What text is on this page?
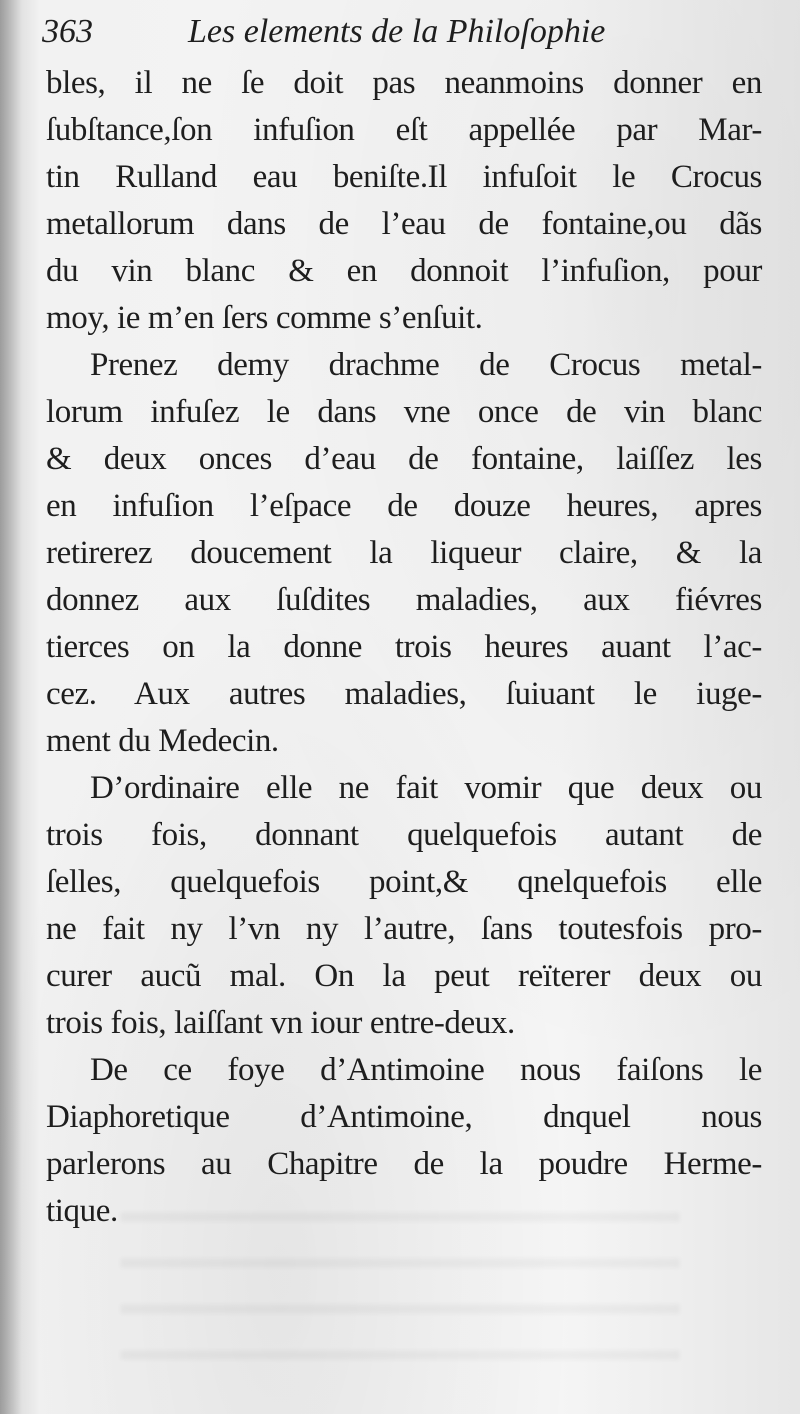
363	Les elements de la Philoſophie
bles, il ne ſe doit pas neanmoins donner en
ſubſtance,ſon infuſion eſt appellée par Mar-
tin Rulland eau beniſte.Il infuſoit le Crocus
metallorum dans de l’eau de fontaine,ou dãs
du vin blanc & en donnoit l’infuſion, pour
moy, ie m’en ſers comme s’enſuit.
Prenez demy drachme de Crocus metal-
lorum infuſez le dans vne once de vin blanc
& deux onces d’eau de fontaine, laiſſez les
en infuſion l’eſpace de douze heures, apres
retirerez doucement la liqueur claire, & la
donnez aux ſuſdites maladies, aux fiévres
tierces on la donne trois heures auant l’ac-
cez. Aux autres maladies, ſuiuant le iuge-
ment du Medecin.
D’ordinaire elle ne fait vomir que deux ou
trois fois, donnant quelquefois autant de
ſelles, quelquefois point,& qnelquefois elle
ne fait ny l’vn ny l’autre, ſans toutesfois pro-
curer aucũ mal. On la peut reïterer deux ou
trois fois, laiſſant vn iour entre-deux.
De ce foye d’Antimoine nous faiſons le
Diaphoretique d’Antimoine, dnquel nous
parlerons au Chapitre de la poudre Herme-
tique.
